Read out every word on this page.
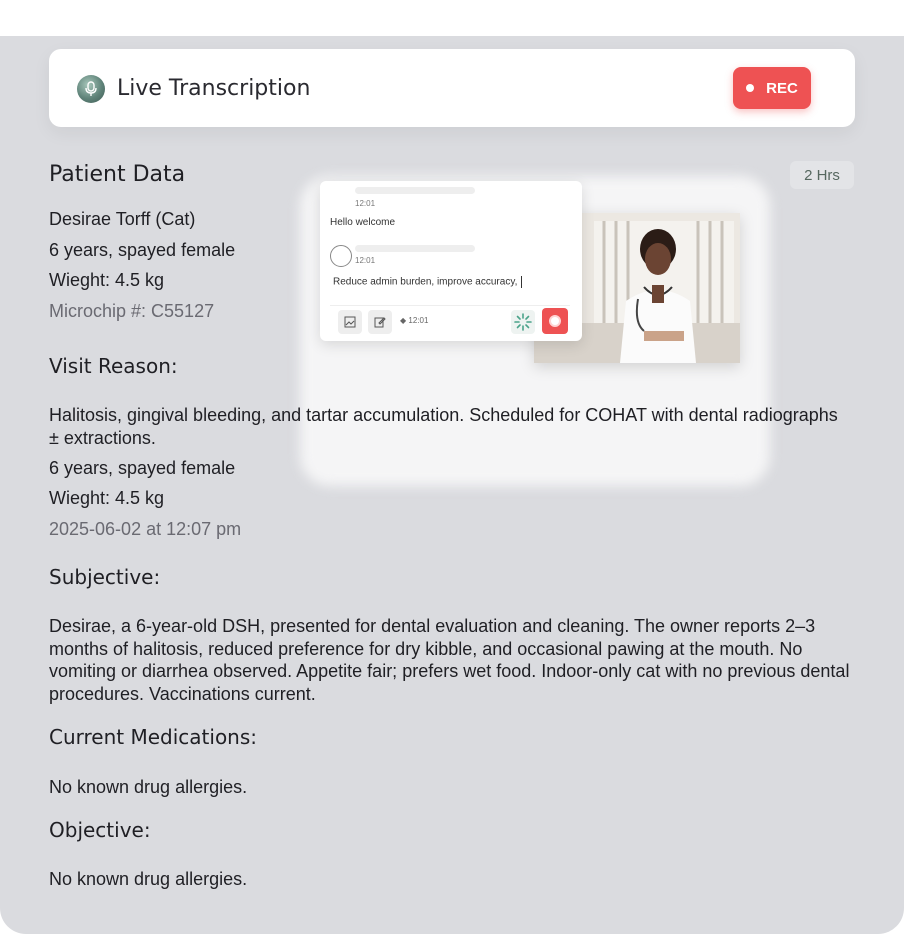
Live Transcription	REC
12:01
Hello welcome
12:01
Reduce admin burden, improve accuracy,
◆ 12:01
Patient Data	2 Hrs
Desirae Torff (Cat)
6 years, spayed female
Wieght: 4.5 kg
Microchip #: C55127
Visit Reason:
Halitosis, gingival bleeding, and tartar accumulation. Scheduled for COHAT with dental radiographs ± extractions.
6 years, spayed female
Wieght: 4.5 kg
2025-06-02 at 12:07 pm
Subjective:
Desirae, a 6-year-old DSH, presented for dental evaluation and cleaning. The owner reports 2–3 months of halitosis, reduced preference for dry kibble, and occasional pawing at the mouth. No vomiting or diarrhea observed. Appetite fair; prefers wet food. Indoor-only cat with no previous dental procedures. Vaccinations current.
Current Medications:
No known drug allergies.
Objective:
No known drug allergies.
